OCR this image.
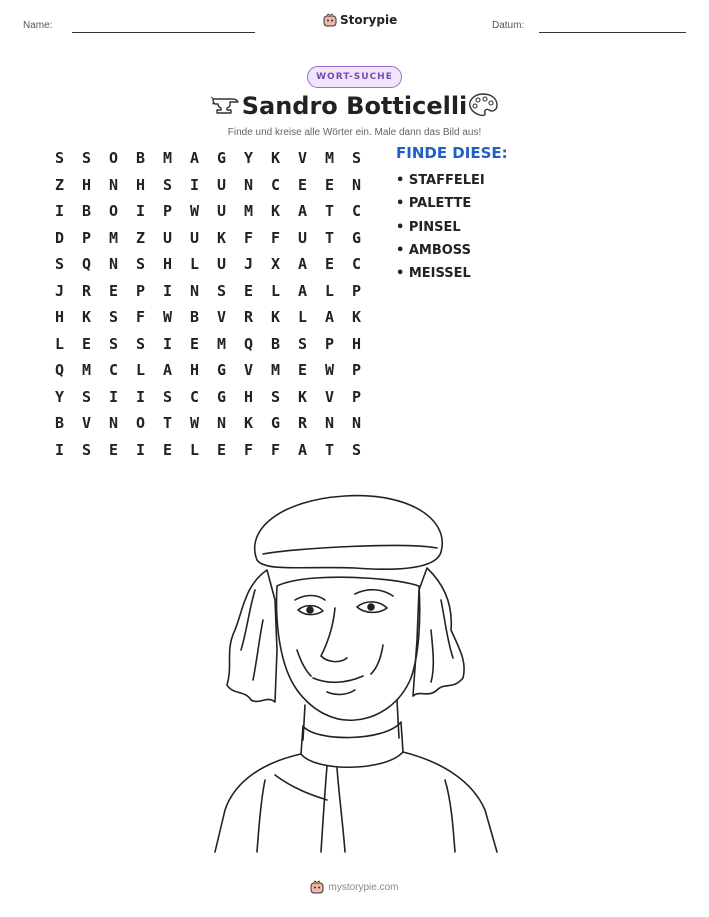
Name:	Storypie	Datum:
WORT-SUCHE
Sandro Botticelli
Finde und kreise alle Wörter ein. Male dann das Bild aus!
S	S	O	B	M	A	G	Y	K	V	M	S
Z	H	N	H	S	I	U	N	C	E	E	N
I	B	O	I	P	W	U	M	K	A	T	C
D	P	M	Z	U	U	K	F	F	U	T	G
S	Q	N	S	H	L	U	J	X	A	E	C
J	R	E	P	I	N	S	E	L	A	L	P
H	K	S	F	W	B	V	R	K	L	A	K
L	E	S	S	I	E	M	Q	B	S	P	H
Q	M	C	L	A	H	G	V	M	E	W	P
Y	S	I	I	S	C	G	H	S	K	V	P
B	V	N	O	T	W	N	K	G	R	N	N
I	S	E	I	E	L	E	F	F	A	T	S
FINDE DIESE:
• STAFFELEI
• PALETTE
• PINSEL
• AMBOSS
• MEISSEL
mystorypie.com
